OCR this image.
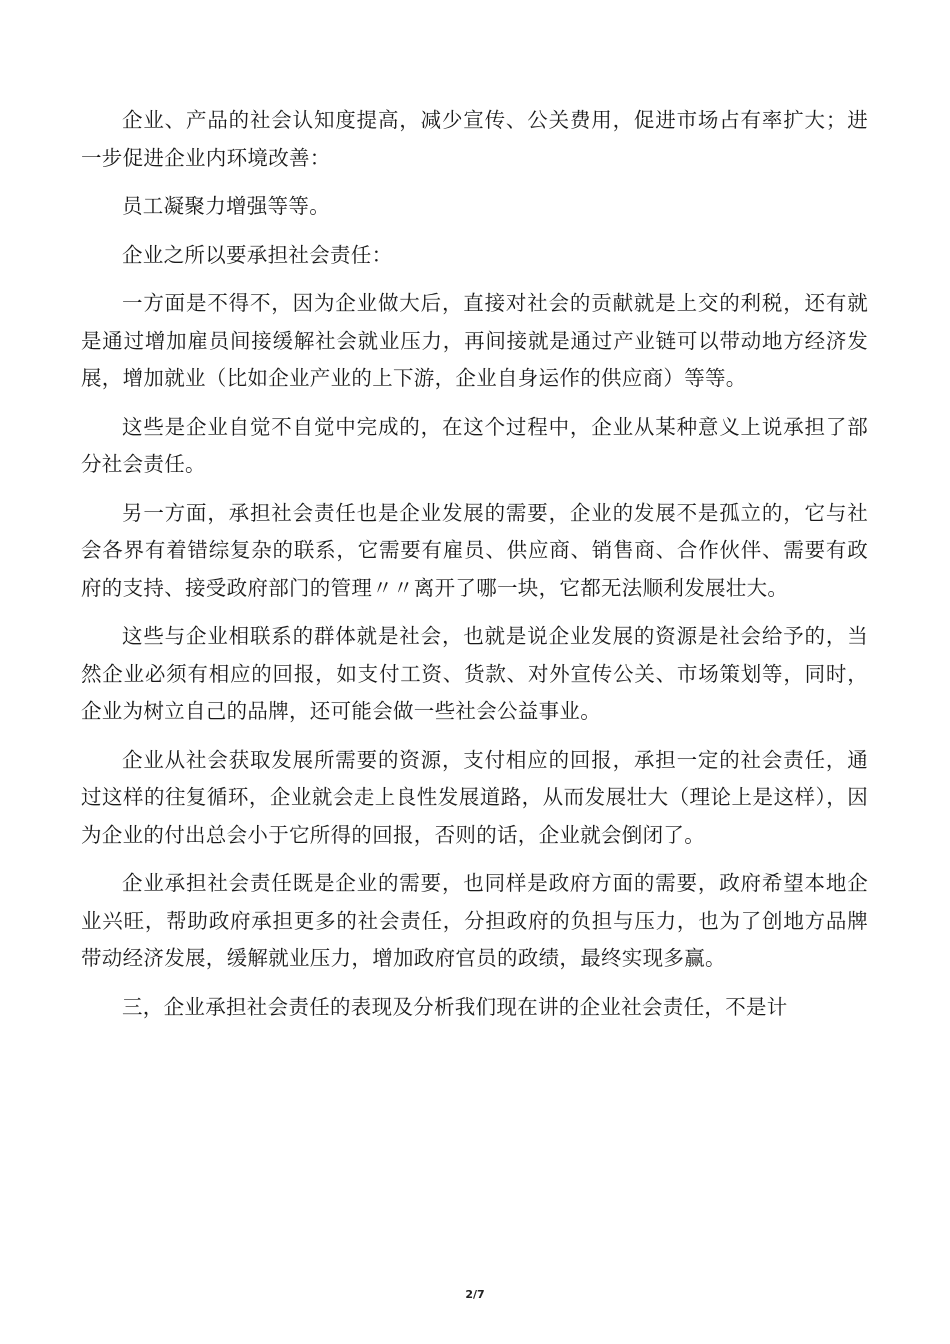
企业、产品的社会认知度提高，减少宣传、公关费用，促进市场占有率扩大；进一步促进企业内环境改善：

员工凝聚力增强等等。

企业之所以要承担社会责任：

一方面是不得不，因为企业做大后，直接对社会的贡献就是上交的利税，还有就是通过增加雇员间接缓解社会就业压力，再间接就是通过产业链可以带动地方经济发展，增加就业（比如企业产业的上下游，企业自身运作的供应商）等等。

这些是企业自觉不自觉中完成的，在这个过程中，企业从某种意义上说承担了部分社会责任。

另一方面，承担社会责任也是企业发展的需要，企业的发展不是孤立的，它与社会各界有着错综复杂的联系，它需要有雇员、供应商、销售商、合作伙伴、需要有政府的支持、接受政府部门的管理〃〃离开了哪一块，它都无法顺利发展壮大。

这些与企业相联系的群体就是社会，也就是说企业发展的资源是社会给予的，当然企业必须有相应的回报，如支付工资、货款、对外宣传公关、市场策划等，同时，企业为树立自己的品牌，还可能会做一些社会公益事业。

企业从社会获取发展所需要的资源，支付相应的回报，承担一定的社会责任，通过这样的往复循环，企业就会走上良性发展道路，从而发展壮大（理论上是这样），因为企业的付出总会小于它所得的回报，否则的话，企业就会倒闭了。

企业承担社会责任既是企业的需要，也同样是政府方面的需要，政府希望本地企业兴旺，帮助政府承担更多的社会责任，分担政府的负担与压力，也为了创地方品牌带动经济发展，缓解就业压力，增加政府官员的政绩，最终实现多赢。

三，企业承担社会责任的表现及分析我们现在讲的企业社会责任，不是计

2/7
